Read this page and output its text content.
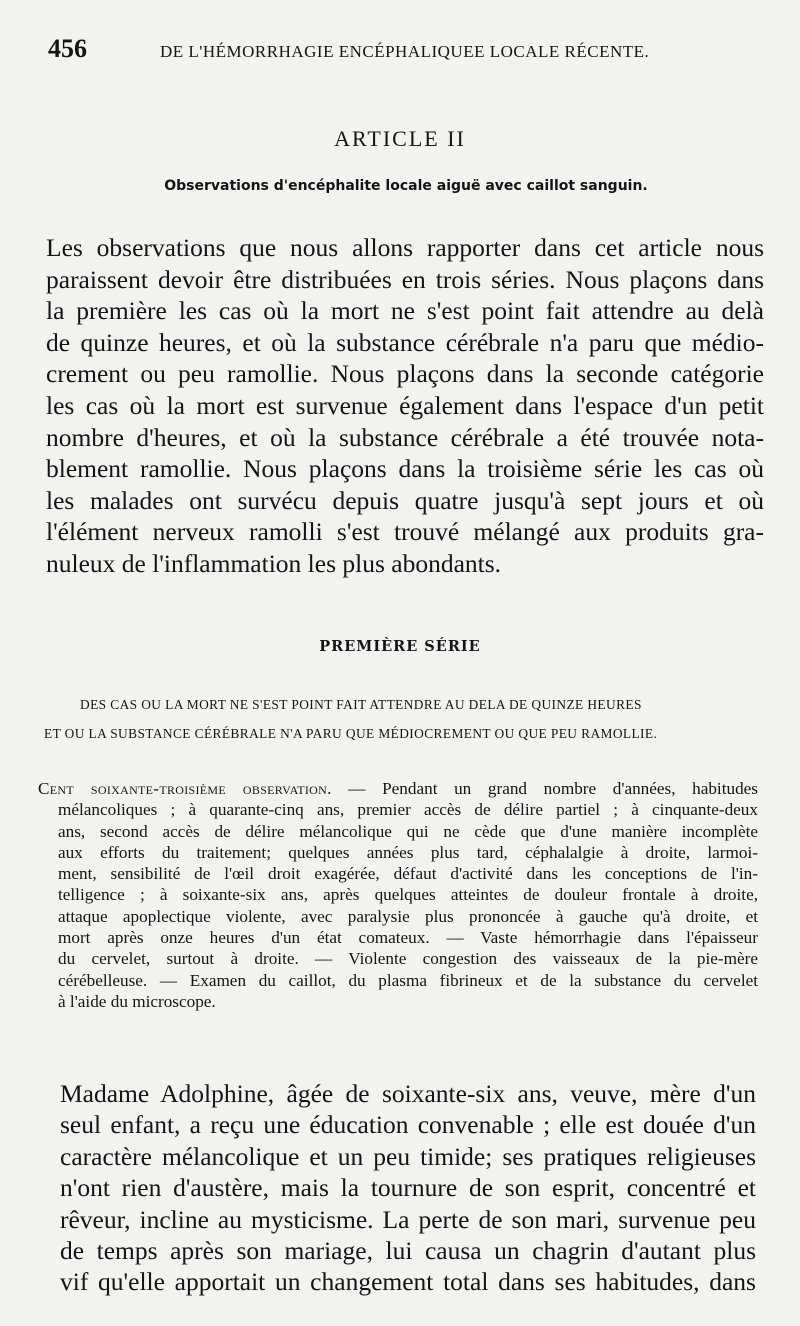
456	DE L'HÉMORRHAGIE ENCÉPHALIQUEE LOCALE RÉCENTE.
ARTICLE II
Observations d'encéphalite locale aiguë avec caillot sanguin.
Les observations que nous allons rapporter dans cet article nous
paraissent devoir être distribuées en trois séries. Nous plaçons dans
la première les cas où la mort ne s'est point fait attendre au delà
de quinze heures, et où la substance cérébrale n'a paru que médio-
crement ou peu ramollie. Nous plaçons dans la seconde catégorie
les cas où la mort est survenue également dans l'espace d'un petit
nombre d'heures, et où la substance cérébrale a été trouvée nota-
blement ramollie. Nous plaçons dans la troisième série les cas où
les malades ont survécu depuis quatre jusqu'à sept jours et où
l'élément nerveux ramolli s'est trouvé mélangé aux produits gra-
nuleux de l'inflammation les plus abondants.
PREMIÈRE SÉRIE
DES CAS OU LA MORT NE S'EST POINT FAIT ATTENDRE AU DELA DE QUINZE HEURES
ET OU LA SUBSTANCE CÉRÉBRALE N'A PARU QUE MÉDIOCREMENT OU QUE PEU RAMOLLIE.
Cent soixante-troisième observation. — Pendant un grand nombre d'années, habitudes
mélancoliques ; à quarante-cinq ans, premier accès de délire partiel ; à cinquante-deux
ans, second accès de délire mélancolique qui ne cède que d'une manière incomplète
aux efforts du traitement; quelques années plus tard, céphalalgie à droite, larmoi-
ment, sensibilité de l'œil droit exagérée, défaut d'activité dans les conceptions de l'in-
telligence ; à soixante-six ans, après quelques atteintes de douleur frontale à droite,
attaque apoplectique violente, avec paralysie plus prononcée à gauche qu'à droite, et
mort après onze heures d'un état comateux. — Vaste hémorrhagie dans l'épaisseur
du cervelet, surtout à droite. — Violente congestion des vaisseaux de la pie-mère
cérébelleuse. — Examen du caillot, du plasma fibrineux et de la substance du cervelet
à l'aide du microscope.
Madame Adolphine, âgée de soixante-six ans, veuve, mère d'un
seul enfant, a reçu une éducation convenable ; elle est douée d'un
caractère mélancolique et un peu timide; ses pratiques religieuses
n'ont rien d'austère, mais la tournure de son esprit, concentré et
rêveur, incline au mysticisme. La perte de son mari, survenue peu
de temps après son mariage, lui causa un chagrin d'autant plus
vif qu'elle apportait un changement total dans ses habitudes, dans
